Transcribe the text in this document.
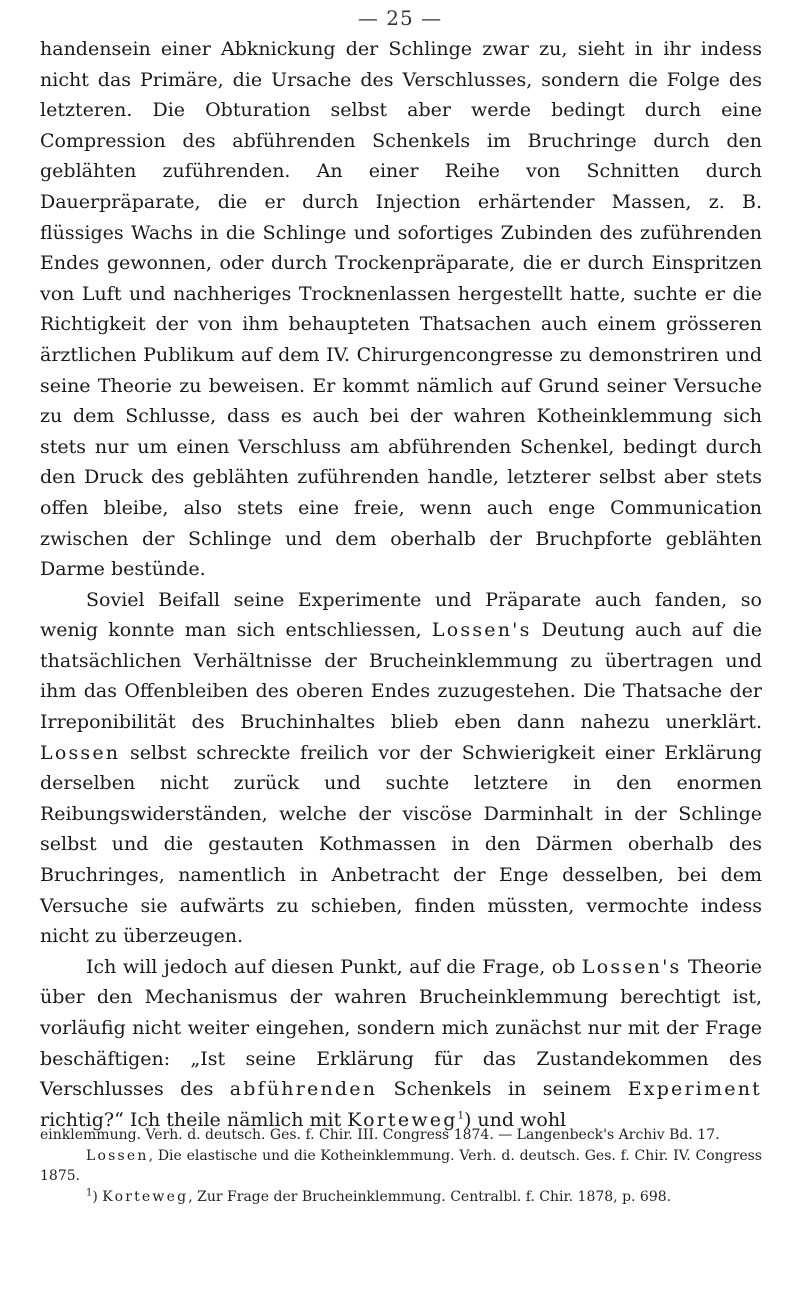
— 25 —

handensein einer Abknickung der Schlinge zwar zu, sieht in ihr indess nicht das Primäre, die Ursache des Verschlusses, sondern die Folge des letzteren. Die Obturation selbst aber werde bedingt durch eine Compression des abführenden Schenkels im Bruchringe durch den geblähten zuführenden. An einer Reihe von Schnitten durch Dauerpräparate, die er durch Injection erhärtender Massen, z. B. flüssiges Wachs in die Schlinge und sofortiges Zubinden des zuführenden Endes gewonnen, oder durch Trockenpräparate, die er durch Einspritzen von Luft und nachheriges Trocknenlassen hergestellt hatte, suchte er die Richtigkeit der von ihm behaupteten Thatsachen auch einem grösseren ärztlichen Publikum auf dem IV. Chirurgencongresse zu demonstriren und seine Theorie zu beweisen. Er kommt nämlich auf Grund seiner Versuche zu dem Schlusse, dass es auch bei der wahren Kotheinklemmung sich stets nur um einen Verschluss am abführenden Schenkel, bedingt durch den Druck des geblähten zuführenden handle, letzterer selbst aber stets offen bleibe, also stets eine freie, wenn auch enge Communication zwischen der Schlinge und dem oberhalb der Bruchpforte geblähten Darme bestünde.

Soviel Beifall seine Experimente und Präparate auch fanden, so wenig konnte man sich entschliessen, Lossen's Deutung auch auf die thatsächlichen Verhältnisse der Brucheinklemmung zu übertragen und ihm das Offenbleiben des oberen Endes zuzugestehen. Die Thatsache der Irreponibilität des Bruchinhaltes blieb eben dann nahezu unerklärt. Lossen selbst schreckte freilich vor der Schwierigkeit einer Erklärung derselben nicht zurück und suchte letztere in den enormen Reibungswiderständen, welche der viscöse Darminhalt in der Schlinge selbst und die gestauten Kothmassen in den Därmen oberhalb des Bruchringes, namentlich in Anbetracht der Enge desselben, bei dem Versuche sie aufwärts zu schieben, finden müssten, vermochte indess nicht zu überzeugen.

Ich will jedoch auf diesen Punkt, auf die Frage, ob Lossen's Theorie über den Mechanismus der wahren Brucheinklemmung berechtigt ist, vorläufig nicht weiter eingehen, sondern mich zunächst nur mit der Frage beschäftigen: „Ist seine Erklärung für das Zustandekommen des Verschlusses des abführenden Schenkels in seinem Experiment richtig?“ Ich theile nämlich mit Korteweg$^1$) und wohl

einklemmung. Verh. d. deutsch. Ges. f. Chir. III. Congress 1874. — Langenbeck's Archiv Bd. 17.

Lossen, Die elastische und die Kotheinklemmung. Verh. d. deutsch. Ges. f. Chir. IV. Congress 1875.

$^1$) Korteweg, Zur Frage der Brucheinklemmung. Centralbl. f. Chir. 1878, p. 698.
